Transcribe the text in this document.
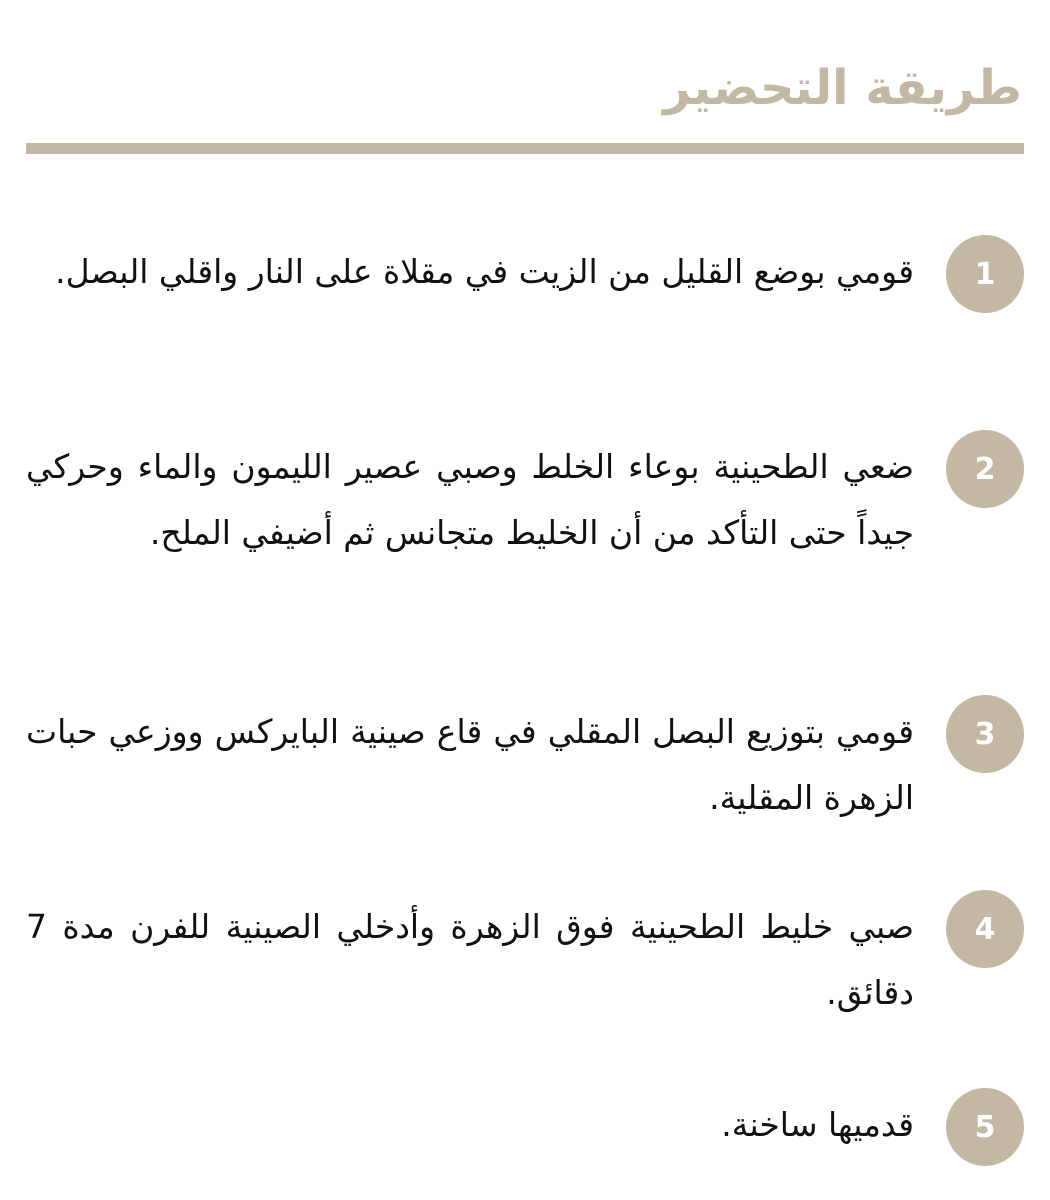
طريقة التحضير
1

قومي بوضع القليل من الزيت في مقلاة على النار واقلي البصل.

2

ضعي الطحينية بوعاء الخلط وصبي عصير الليمون والماء وحركي جيداً حتى التأكد من أن الخليط متجانس ثم أضيفي الملح.

3

قومي بتوزيع البصل المقلي في قاع صينية البايركس ووزعي حبات الزهرة المقلية.

4

صبي خليط الطحينية فوق الزهرة وأدخلي الصينية للفرن مدة 7 دقائق.

5

قدميها ساخنة.
